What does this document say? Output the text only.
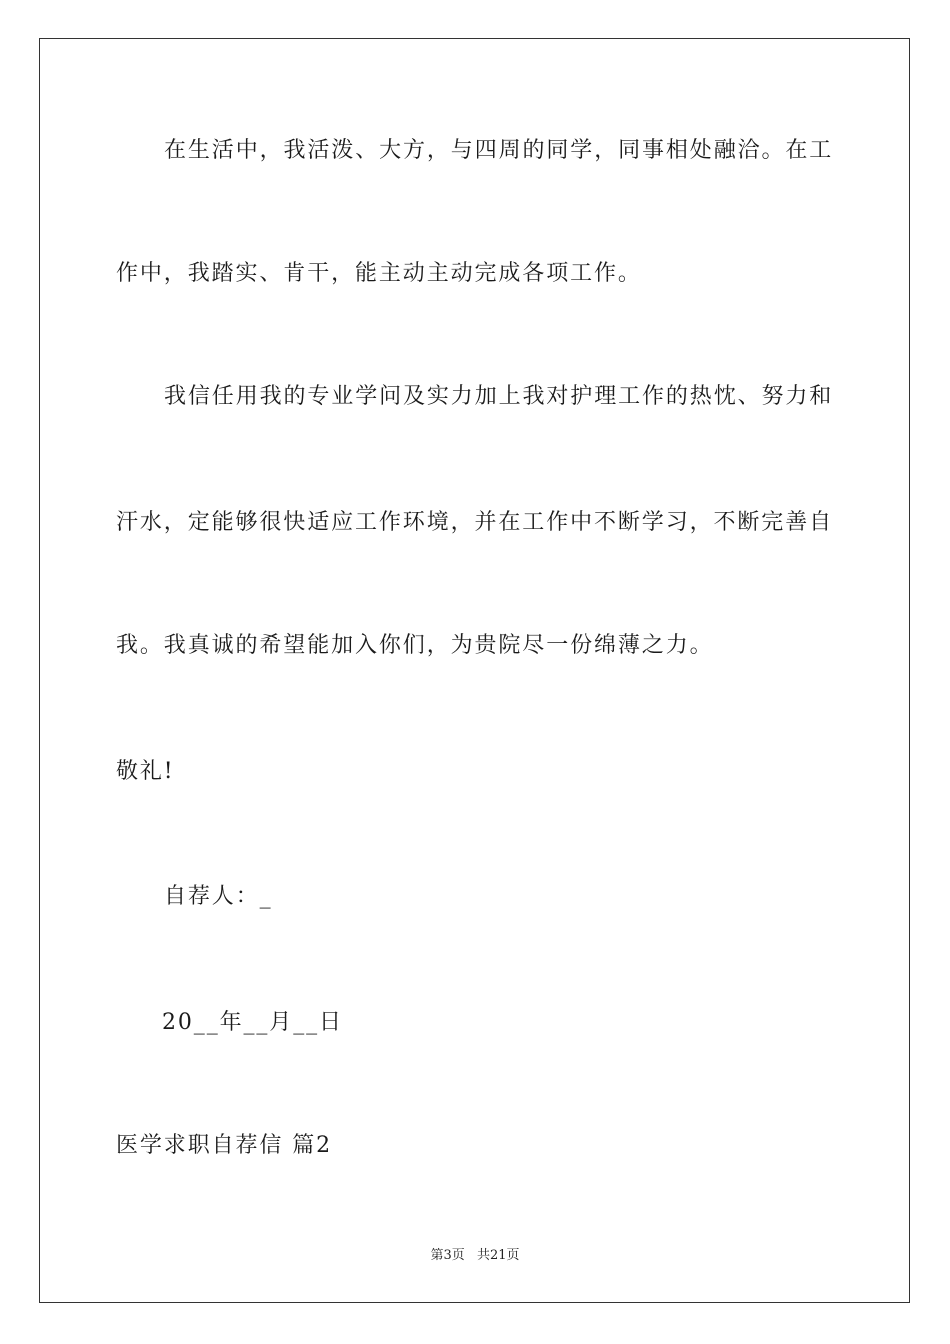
在生活中，我活泼、大方，与四周的同学，同事相处融洽。在工
作中，我踏实、肯干，能主动主动完成各项工作。
我信任用我的专业学问及实力加上我对护理工作的热忱、努力和
汗水，定能够很快适应工作环境，并在工作中不断学习，不断完善自
我。我真诚的希望能加入你们，为贵院尽一份绵薄之力。
敬礼!
自荐人：_
20__年__月__日
医学求职自荐信 篇2
第3页 共21页
